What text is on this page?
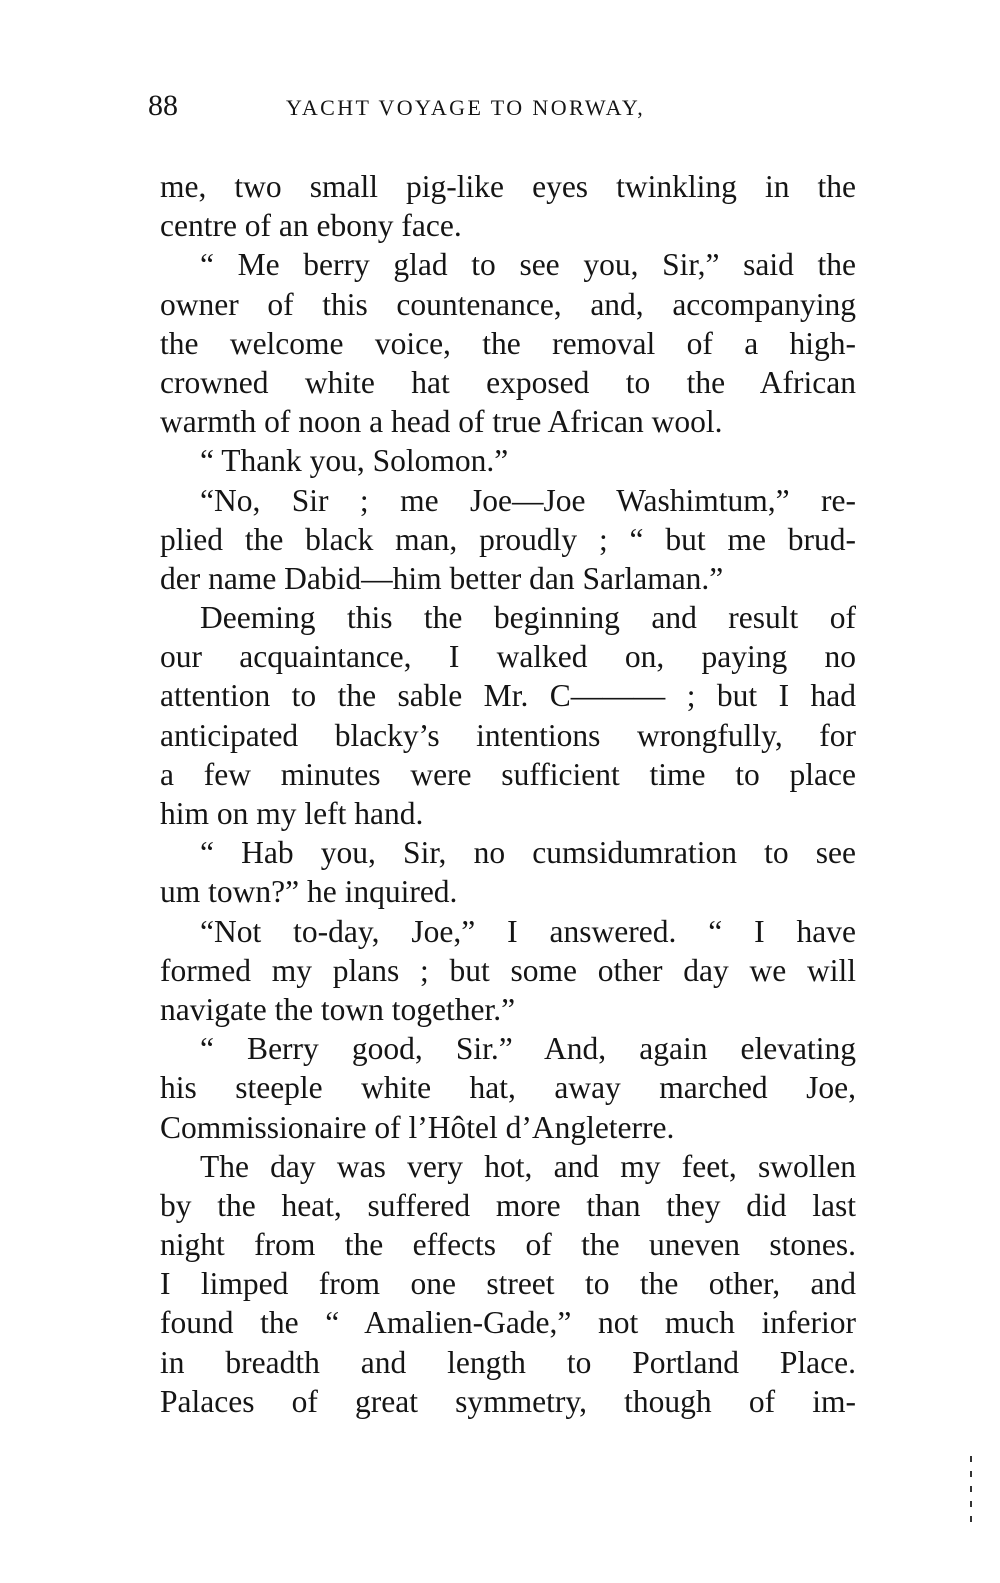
88	YACHT VOYAGE TO NORWAY,
me, two small pig-like eyes twinkling in the
centre of an ebony face.
“ Me berry glad to see you, Sir,” said the
owner of this countenance, and, accompanying
the welcome voice, the removal of a high-
crowned white hat exposed to the African
warmth of noon a head of true African wool.
“ Thank you, Solomon.”
“No, Sir ; me Joe—Joe Washimtum,” re-
plied the black man, proudly ; “ but me brud-
der name Dabid—him better dan Sarlaman.”
Deeming this the beginning and result of
our acquaintance, I walked on, paying no
attention to the sable Mr. C——— ; but I had
anticipated blacky’s intentions wrongfully, for
a few minutes were sufficient time to place
him on my left hand.
“ Hab you, Sir, no cumsidumration to see
um town?” he inquired.
“Not to-day, Joe,” I answered. “ I have
formed my plans ; but some other day we will
navigate the town together.”
“ Berry good, Sir.” And, again elevating
his steeple white hat, away marched Joe,
Commissionaire of l’Hôtel d’Angleterre.
The day was very hot, and my feet, swollen
by the heat, suffered more than they did last
night from the effects of the uneven stones.
I limped from one street to the other, and
found the “ Amalien-Gade,” not much inferior
in breadth and length to Portland Place.
Palaces of great symmetry, though of im-
